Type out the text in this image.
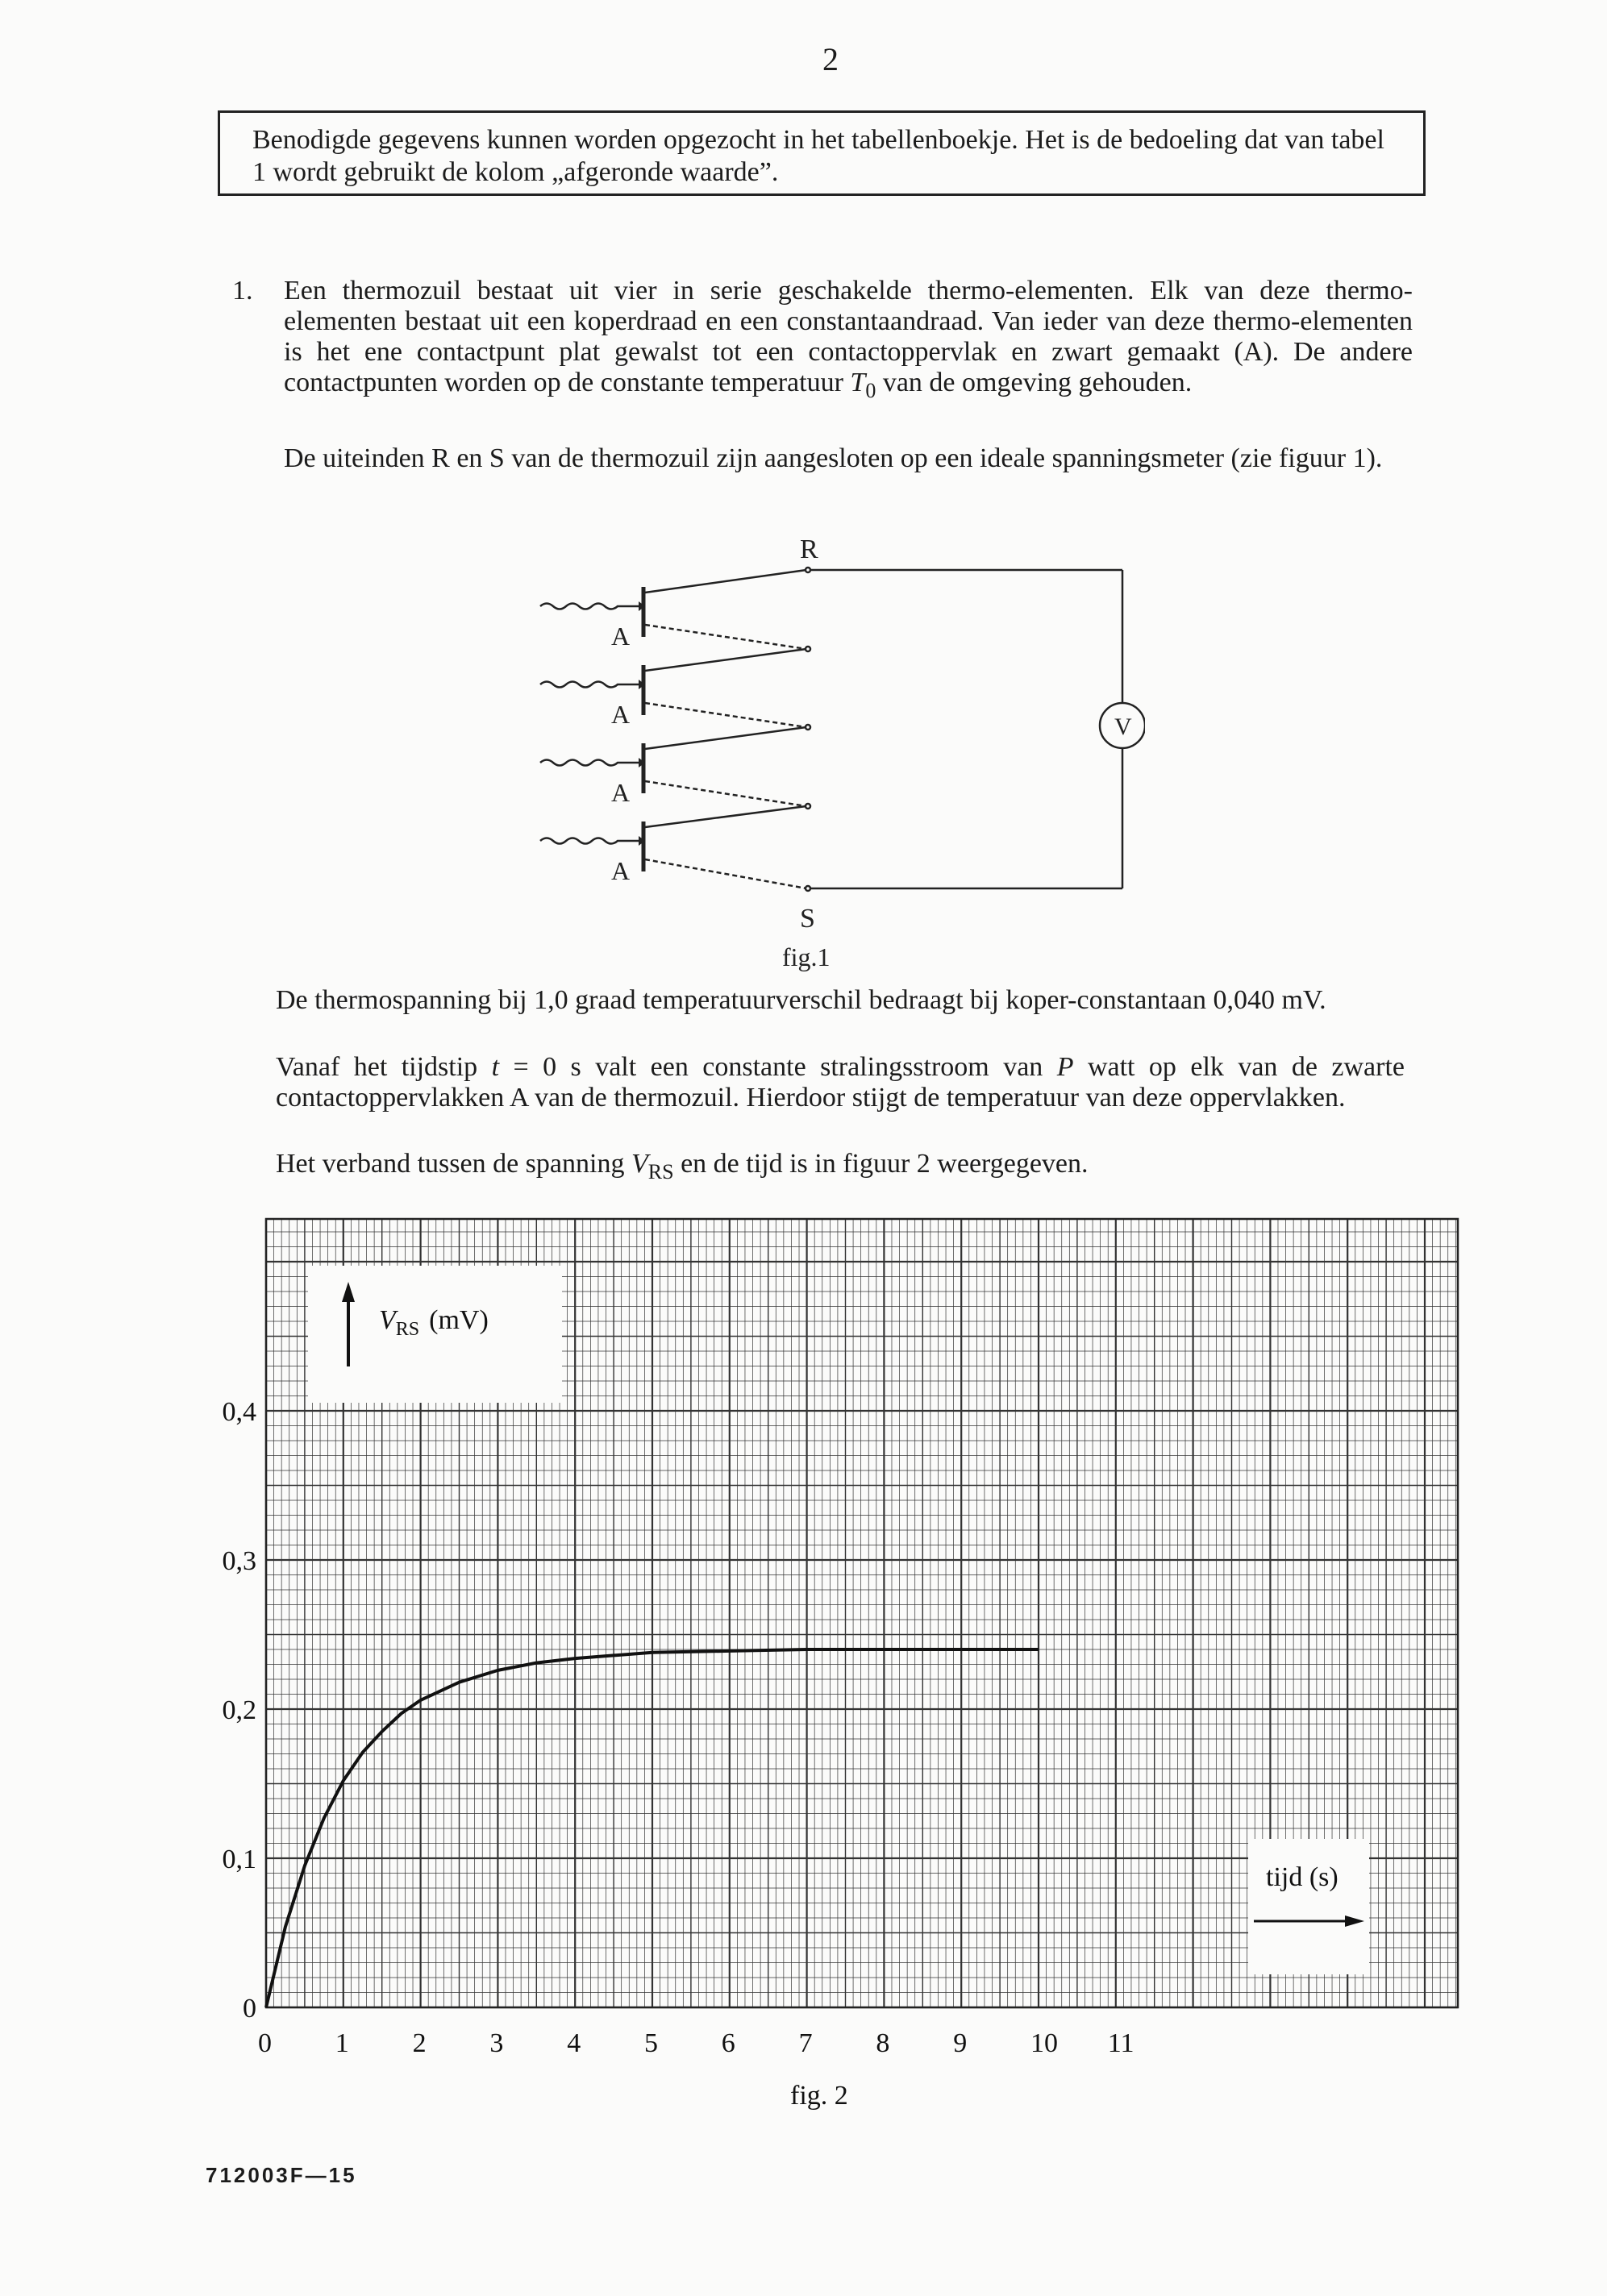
2
Benodigde gegevens kunnen worden opgezocht in het tabellenboekje. Het is de bedoeling dat van tabel 1 wordt gebruikt de kolom „afgeronde waarde”.
1. Een thermozuil bestaat uit vier in serie geschakelde thermo-elementen. Elk van deze thermo-elementen bestaat uit een koperdraad en een constantaandraad. Van ieder van deze thermo-elementen is het ene contactpunt plat gewalst tot een contactoppervlak en zwart gemaakt (A). De andere contactpunten worden op de constante temperatuur $T_0$ van de omgeving gehouden.
De uiteinden R en S van de thermozuil zijn aangesloten op een ideale spanningsmeter (zie figuur 1).
R
S
A
A
A
A
V
fig.1
De thermospanning bij 1,0 graad temperatuurverschil bedraagt bij koper-constantaan 0,040 mV.
Vanaf het tijdstip t = 0 s valt een constante stralingsstroom van P watt op elk van de zwarte contactoppervlakken A van de thermozuil. Hierdoor stijgt de temperatuur van deze oppervlakken.
Het verband tussen de spanning $V_{RS}$ en de tijd is in figuur 2 weergegeven.
$V_{RS}$ (mV)
tijd (s)
0 1 2 3 4 5 6 7 8 9 10 11
0
0,1
0,2
0,3
0,4
fig. 2
712003F—15
